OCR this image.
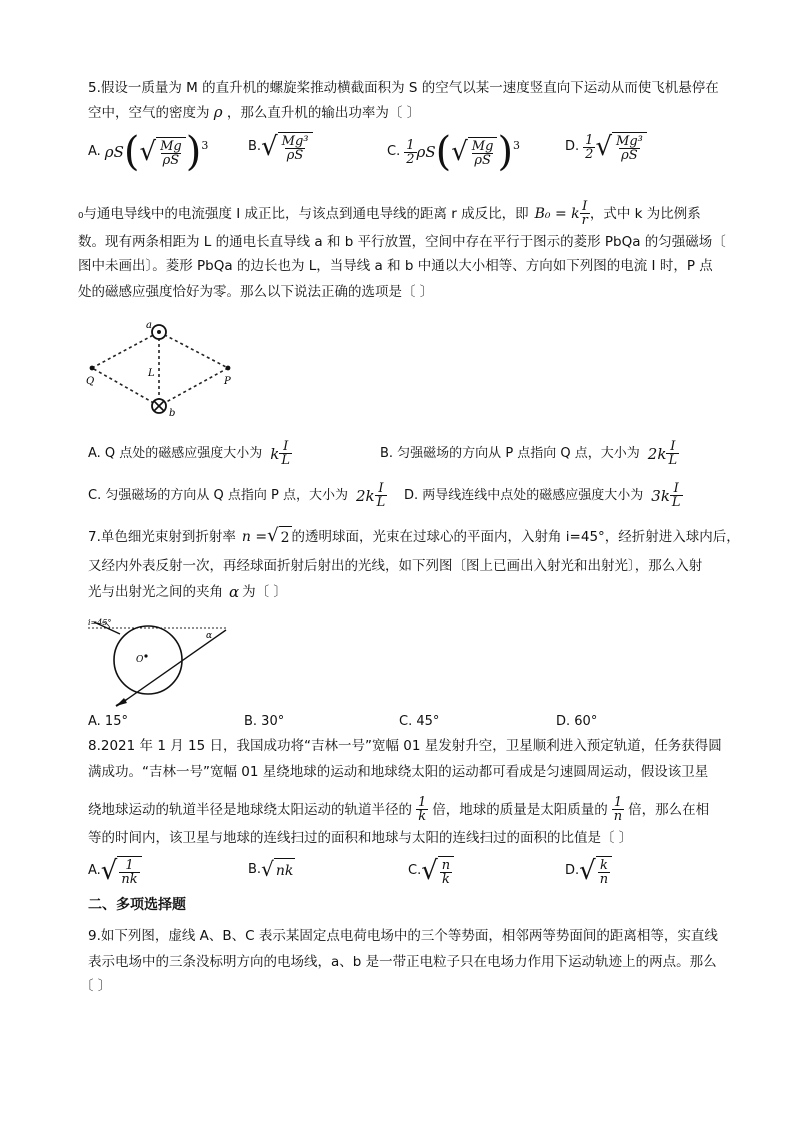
5.假设一质量为 M 的直升机的螺旋桨推动横截面积为 S 的空气以某一速度竖直向下运动从而使飞机悬停在
空中，空气的密度为 ρ ，那么直升机的输出功率为〔 〕
A. ρS ( √ $\frac{Mg}{\rho S}$ ) 3	B. √ $\frac{\text{Mg³}}{\rho S}$	C. $\frac{1}{2}$ ρS ( √ $\frac{Mg}{\rho S}$ ) 3	D. $\frac{1}{2}$ √ $\frac{\text{Mg³}}{\rho S}$
₀与通电导线中的电流强度 I 成正比，与该点到通电导线的距离 r 成反比，即 B₀ = k $\frac{I}{r}$ ，式中 k 为比例系
数。现有两条相距为 L 的通电长直导线 a 和 b 平行放置，空间中存在平行于图示的菱形 PbQa 的匀强磁场〔
图中未画出〕。菱形 PbQa 的边长也为 L，当导线 a 和 b 中通以大小相等、方向如下列图的电流 I 时，P 点
处的磁感应强度恰好为零。那么以下说法正确的选项是〔 〕
a
b
Q	P
L
A. Q 点处的磁感应强度大小为 k $\frac{I}{L}$	B. 匀强磁场的方向从 P 点指向 Q 点，大小为 $2k \frac{I}{L}$
C. 匀强磁场的方向从 Q 点指向 P 点，大小为 $2k \frac{I}{L} D$. 两导线连线中点处的磁感应强度大小为 $3k \frac{I}{L}$
7.单色细光束射到折射率 n = √ 2 的透明球面，光束在过球心的平面内，入射角 i=45°，经折射进入球内后，
又经内外表反射一次，再经球面折射后射出的光线，如下列图〔图上已画出入射光和出射光〕，那么入射
光与出射光之间的夹角 α 为〔 〕
i=45°
O
α
A. 15°	B. 30°	C. 45°	D. 60°
8.2021 年 1 月 15 日，我国成功将“吉林一号”宽幅 01 星发射升空，卫星顺利进入预定轨道，任务获得圆
满成功。“吉林一号”宽幅 01 星绕地球的运动和地球绕太阳的运动都可看成是匀速圆周运动，假设该卫星
绕地球运动的轨道半径是地球绕太阳运动的轨道半径的 $\frac{1}{k}$ 倍，地球的质量是太阳质量的 $\frac{1}{n}$ 倍，那么在相
等的时间内，该卫星与地球的连线扫过的面积和地球与太阳的连线扫过的面积的比值是〔 〕
A. √ $\frac{1}{nk}$	B. √ nk	C. √ $\frac{n}{k}$	D. √ $\frac{k}{n}$
二、多项选择题
9.如下列图，虚线 A、B、C 表示某固定点电荷电场中的三个等势面，相邻两等势面间的距离相等，实直线
表示电场中的三条没标明方向的电场线，a、b 是一带正电粒子只在电场力作用下运动轨迹上的两点。那么
〔 〕
